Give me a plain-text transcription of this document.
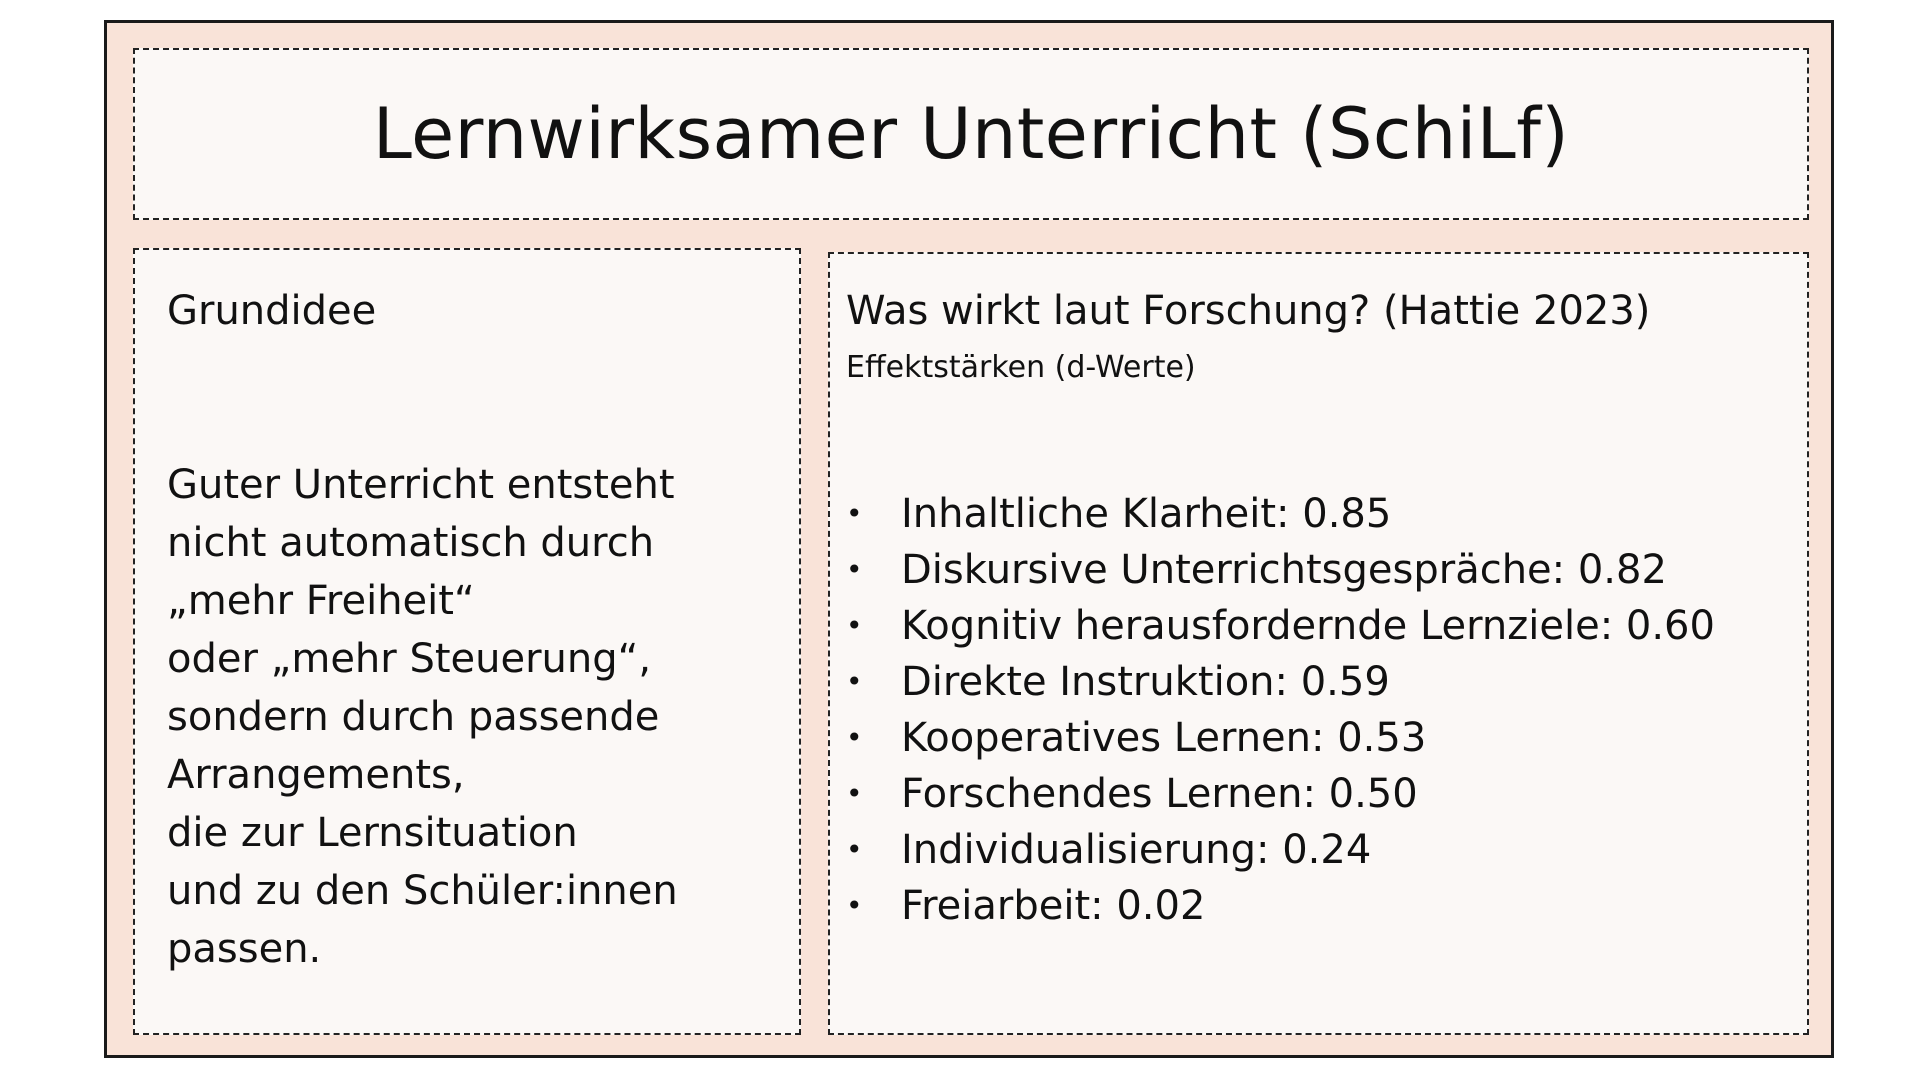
Lernwirksamer Unterricht (SchiLf)
Grundidee
Guter Unterricht entsteht
nicht automatisch durch
„mehr Freiheit“
oder „mehr Steuerung“,
sondern durch passende
Arrangements,
die zur Lernsituation
und zu den Schüler:innen
passen.
Was wirkt laut Forschung? (Hattie 2023)
Effektstärken (d-Werte)
• Inhaltliche Klarheit: 0.85
• Diskursive Unterrichtsgespräche: 0.82
• Kognitiv herausfordernde Lernziele: 0.60
• Direkte Instruktion: 0.59
• Kooperatives Lernen: 0.53
• Forschendes Lernen: 0.50
• Individualisierung: 0.24
• Freiarbeit: 0.02
